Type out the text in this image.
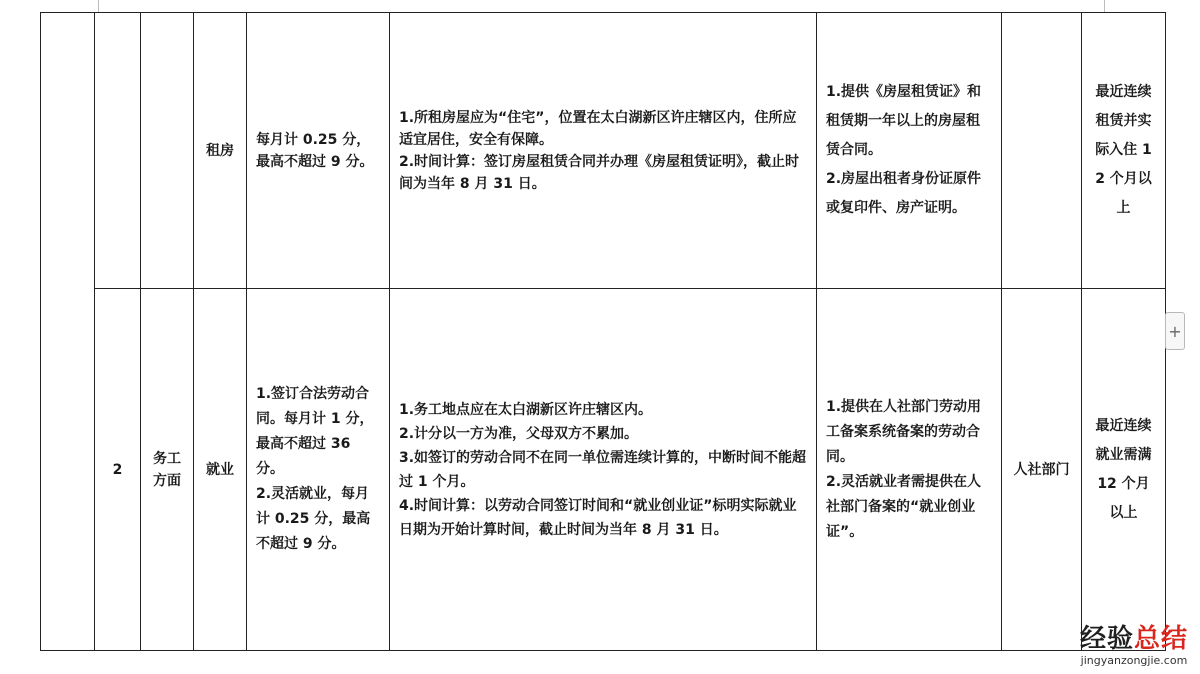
			租房	每月计 0.25 分，最高不超过 9 分。	1.所租房屋应为“住宅”，位置在太白湖新区许庄辖区内，住所应适宜居住，安全有保障。
2.时间计算：签订房屋租赁合同并办理《房屋租赁证明》，截止时间为当年 8 月 31 日。	1.提供《房屋租赁证》和租赁期一年以上的房屋租赁合同。
2.房屋出租者身份证原件或复印件、房产证明。		最近连续租赁并实际入住 12 个月以上
	2	务工方面	就业	1.签订合法劳动合同。每月计 1 分，最高不超过 36 分。
2.灵活就业，每月计 0.25 分，最高不超过 9 分。	1.务工地点应在太白湖新区许庄辖区内。
2.计分以一方为准，父母双方不累加。
3.如签订的劳动合同不在同一单位需连续计算的，中断时间不能超过 1 个月。
4.时间计算：以劳动合同签订时间和“就业创业证”标明实际就业日期为开始计算时间，截止时间为当年 8 月 31 日。	1.提供在人社部门劳动用工备案系统备案的劳动合同。
2.灵活就业者需提供在人社部门备案的“就业创业证”。	人社部门	最近连续就业需满 12 个月以上
+
经验总结
jingyanzongjie.com
